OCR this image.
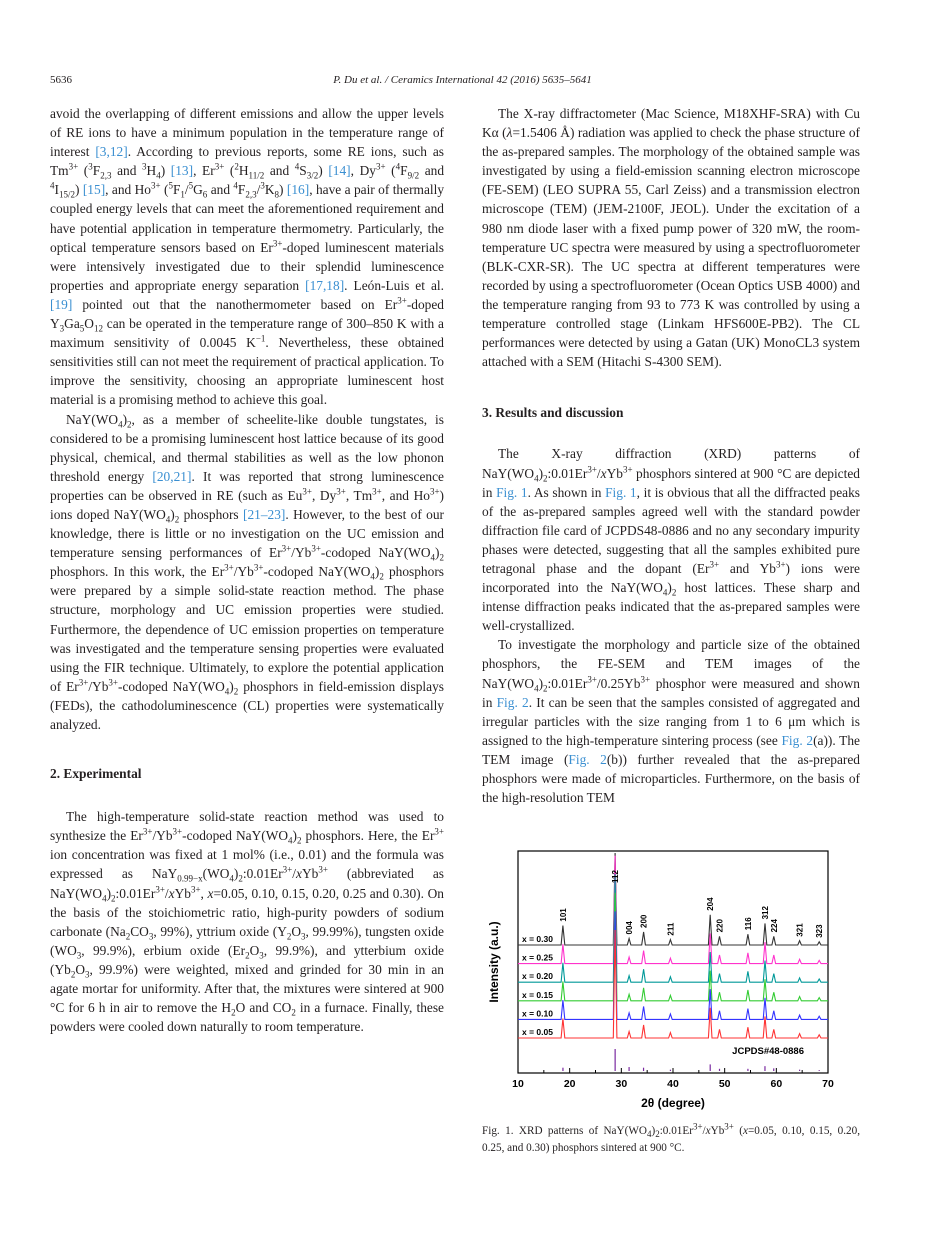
5636	P. Du et al. / Ceramics International 42 (2016) 5635–5641

avoid the overlapping of different emissions and allow the upper levels of RE ions to have a minimum population in the temperature range of interest [3,12]. According to previous reports, some RE ions, such as $Tm^{3+}$ ($^3F_{2,3}$ and $^3H_4$) [13], $Er^{3+}$ ($^2H_{11/2}$ and $^4S_{3/2}$) [14], $Dy^{3+}$ ($^4F_{9/2}$ and $^4I_{15/2}$) [15], and $Ho^{3+}$ ($^5F_1/^5G_6$ and $^4F_{2,3}/^3K_8$) [16], have a pair of thermally coupled energy levels that can meet the aforementioned requirement and have potential application in temperature thermometry. Particularly, the optical temperature sensors based on $Er^{3+}$-doped luminescent materials were intensively investigated due to their splendid luminescence properties and appropriate energy separation [17,18]. León-Luis et al. [19] pointed out that the nanothermometer based on $Er^{3+}$-doped $Y_3Ga_5O_{12}$ can be operated in the temperature range of 300–850 K with a maximum sensitivity of 0.0045 $K^{-1}$. Nevertheless, these obtained sensitivities still can not meet the requirement of practical application. To improve the sensitivity, choosing an appropriate luminescent host material is a promising method to achieve this goal.

$NaY(WO_4)_2$, as a member of scheelite-like double tungstates, is considered to be a promising luminescent host lattice because of its good physical, chemical, and thermal stabilities as well as the low phonon threshold energy [20,21]. It was reported that strong luminescence properties can be observed in RE (such as $Eu^{3+}$, $Dy^{3+}$, $Tm^{3+}$, and $Ho^{3+}$) ions doped $NaY(WO_4)_2$ phosphors [21–23]. However, to the best of our knowledge, there is little or no investigation on the UC emission and temperature sensing performances of $Er^{3+}/Yb^{3+}$-codoped $NaY(WO_4)_2$ phosphors. In this work, the $Er^{3+}/Yb^{3+}$-codoped $NaY(WO_4)_2$ phosphors were prepared by a simple solid-state reaction method. The phase structure, morphology and UC emission properties were studied. Furthermore, the dependence of UC emission properties on temperature was investigated and the temperature sensing properties were evaluated using the FIR technique. Ultimately, to explore the potential application of $Er^{3+}/Yb^{3+}$-codoped $NaY(WO_4)_2$ phosphors in field-emission displays (FEDs), the cathodoluminescence (CL) properties were systematically analyzed.

2. Experimental

The high-temperature solid-state reaction method was used to synthesize the $Er^{3+}/Yb^{3+}$-codoped $NaY(WO_4)_2$ phosphors. Here, the $Er^{3+}$ ion concentration was fixed at 1 mol% (i.e., 0.01) and the formula was expressed as $NaY_{0.99-x}(WO_4)_2:0.01Er^{3+}/xYb^{3+}$ (abbreviated as $NaY(WO_4)_2:0.01Er^{3+}/xYb^{3+}$, x=0.05, 0.10, 0.15, 0.20, 0.25 and 0.30). On the basis of the stoichiometric ratio, high-purity powders of sodium carbonate ($Na_2CO_3$, 99%), yttrium oxide ($Y_2O_3$, 99.99%), tungsten oxide ($WO_3$, 99.9%), erbium oxide ($Er_2O_3$, 99.9%), and ytterbium oxide ($Yb_2O_3$, 99.9%) were weighted, mixed and grinded for 30 min in an agate mortar for uniformity. After that, the mixtures were sintered at 900 °C for 6 h in air to remove the $H_2O$ and $CO_2$ in a furnace. Finally, these powders were cooled down naturally to room temperature.

The X-ray diffractometer (Mac Science, M18XHF-SRA) with Cu Kα (λ=1.5406 Å) radiation was applied to check the phase structure of the as-prepared samples. The morphology of the obtained sample was investigated by using a field-emission scanning electron microscope (FE-SEM) (LEO SUPRA 55, Carl Zeiss) and a transmission electron microscope (TEM) (JEM-2100F, JEOL). Under the excitation of a 980 nm diode laser with a fixed pump power of 320 mW, the room-temperature UC spectra were measured by using a spectrofluorometer (BLK-CXR-SR). The UC spectra at different temperatures were recorded by using a spectrofluorometer (Ocean Optics USB 4000) and the temperature ranging from 93 to 773 K was controlled by using a temperature controlled stage (Linkam HFS600E-PB2). The CL performances were detected by using a Gatan (UK) MonoCL3 system attached with a SEM (Hitachi S-4300 SEM).

3. Results and discussion

The X-ray diffraction (XRD) patterns of $NaY(WO_4)_2:0.01Er^{3+}/xYb^{3+}$ phosphors sintered at 900 °C are depicted in Fig. 1. As shown in Fig. 1, it is obvious that all the diffracted peaks of the as-prepared samples agreed well with the standard powder diffraction file card of JCPDS48-0886 and no any secondary impurity phases were detected, suggesting that all the samples exhibited pure tetragonal phase and the dopant ($Er^{3+}$ and $Yb^{3+}$) ions were incorporated into the $NaY(WO_4)_2$ host lattices. These sharp and intense diffraction peaks indicated that the as-prepared samples were well-crystallized.

To investigate the morphology and particle size of the obtained phosphors, the FE-SEM and TEM images of the $NaY(WO_4)_2:0.01Er^{3+}/0.25Yb^{3+}$ phosphor were measured and shown in Fig. 2. It can be seen that the samples consisted of aggregated and irregular particles with the size ranging from 1 to 6 μm which is assigned to the high-temperature sintering process (see Fig. 2(a)). The TEM image (Fig. 2(b)) further revealed that the as-prepared phosphors were made of microparticles. Furthermore, on the basis of the high-resolution TEM

10	20	30	40	50	60	70
x = 0.30
x = 0.25
x = 0.20
x = 0.15
x = 0.10
x = 0.05
101
112
004 200
211
204
220 116
312
224 321 323
Intensity (a.u.)
2θ (degree)
JCPDS#48-0886
Fig. 1. XRD patterns of $NaY(WO_4)_2:0.01Er^{3+}/xYb^{3+}$ (x=0.05, 0.10, 0.15, 0.20, 0.25, and 0.30) phosphors sintered at 900 °C.
